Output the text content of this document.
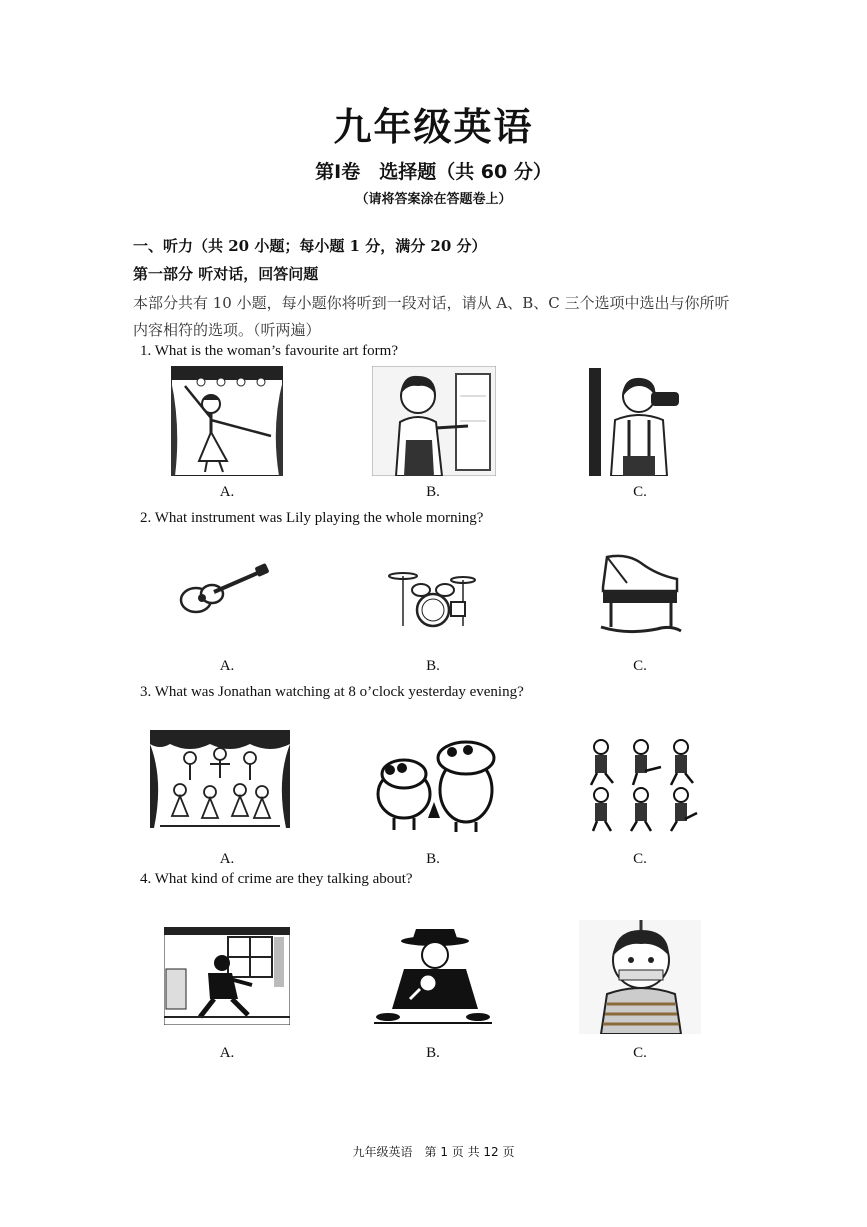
九年级英语
第Ⅰ卷　选择题（共 60 分）
（请将答案涂在答题卷上）
一、听力（共 20 小题；每小题 1 分，满分 20 分）
第一部分 听对话，回答问题
本部分共有 10 小题，每小题你将听到一段对话，请从 A、B、C 三个选项中选出与你所听内容相符的选项。（听两遍）
1. What is the woman’s favourite art form?
A.	B.	C.
2. What instrument was Lily playing the whole morning?
A.	B.	C.
3. What was Jonathan watching at 8 o’clock yesterday evening?
A.	B.	C.
4. What kind of crime are they talking about?
A.	B.	C.
九年级英语　第 1 页 共 12 页
